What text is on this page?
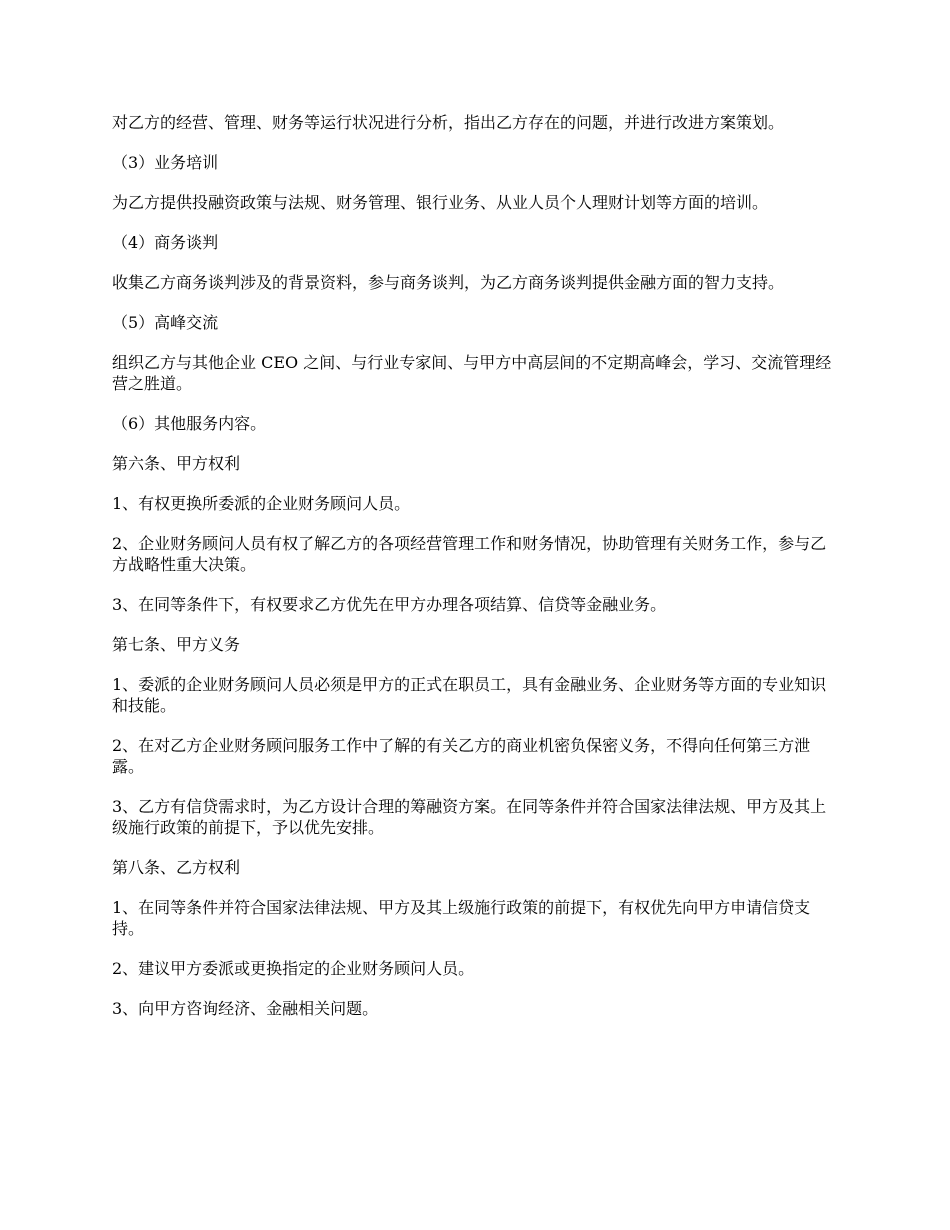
对乙方的经营、管理、财务等运行状况进行分析，指出乙方存在的问题，并进行改进方案策划。

（3）业务培训

为乙方提供投融资政策与法规、财务管理、银行业务、从业人员个人理财计划等方面的培训。

（4）商务谈判

收集乙方商务谈判涉及的背景资料，参与商务谈判，为乙方商务谈判提供金融方面的智力支持。

（5）高峰交流

组织乙方与其他企业 CEO 之间、与行业专家间、与甲方中高层间的不定期高峰会，学习、交流管理经营之胜道。

（6）其他服务内容。

第六条、甲方权利

1、有权更换所委派的企业财务顾问人员。

2、企业财务顾问人员有权了解乙方的各项经营管理工作和财务情况，协助管理有关财务工作，参与乙方战略性重大决策。

3、在同等条件下，有权要求乙方优先在甲方办理各项结算、信贷等金融业务。

第七条、甲方义务

1、委派的企业财务顾问人员必须是甲方的正式在职员工，具有金融业务、企业财务等方面的专业知识和技能。

2、在对乙方企业财务顾问服务工作中了解的有关乙方的商业机密负保密义务，不得向任何第三方泄露。

3、乙方有信贷需求时，为乙方设计合理的筹融资方案。在同等条件并符合国家法律法规、甲方及其上级施行政策的前提下，予以优先安排。

第八条、乙方权利

1、在同等条件并符合国家法律法规、甲方及其上级施行政策的前提下，有权优先向甲方申请信贷支持。

2、建议甲方委派或更换指定的企业财务顾问人员。

3、向甲方咨询经济、金融相关问题。
